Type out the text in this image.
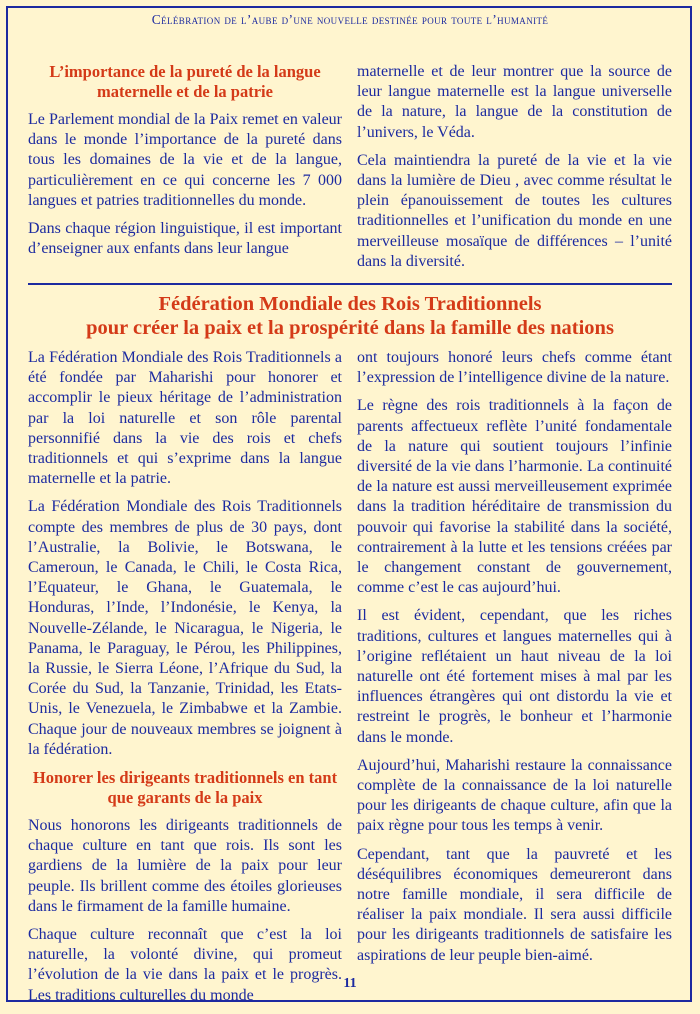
Célébration de l’aube d’une nouvelle destinée pour toute l’humanité
L’importance de la pureté de la langue maternelle et de la patrie

Le Parlement mondial de la Paix remet en valeur dans le monde l’importance de la pureté dans tous les domaines de la vie et de la langue, particulièrement en ce qui concerne les 7 000 langues et patries traditionnelles du monde.

Dans chaque région linguistique, il est important d’enseigner aux enfants dans leur langue

maternelle et de leur montrer que la source de leur langue maternelle est la langue universelle de la nature, la langue de la constitution de l’univers, le Véda.

Cela maintiendra la pureté de la vie et la vie dans la lumière de Dieu , avec comme résultat le plein épanouissement de toutes les cultures traditionnelles et l’unification du monde en une merveilleuse mosaïque de différences – l’unité dans la diversité.

Fédération Mondiale des Rois Traditionnels
pour créer la paix et la prospérité dans la famille des nations

La Fédération Mondiale des Rois Traditionnels a été fondée par Maharishi pour honorer et accomplir le pieux héritage de l’administration par la loi naturelle et son rôle parental personnifié dans la vie des rois et chefs traditionnels et qui s’exprime dans la langue maternelle et la patrie.

La Fédération Mondiale des Rois Traditionnels compte des membres de plus de 30 pays, dont l’Australie, la Bolivie, le Botswana, le Cameroun, le Canada, le Chili, le Costa Rica, l’Equateur, le Ghana, le Guatemala, le Honduras, l’Inde, l’Indonésie, le Kenya, la Nouvelle-Zélande, le Nicaragua, le Nigeria, le Panama, le Paraguay, le Pérou, les Philippines, la Russie, le Sierra Léone, l’Afrique du Sud, la Corée du Sud, la Tanzanie, Trinidad, les Etats-Unis, le Venezuela, le Zimbabwe et la Zambie. Chaque jour de nouveaux membres se joignent à la fédération.

Honorer les dirigeants traditionnels en tant que garants de la paix

Nous honorons les dirigeants traditionnels de chaque culture en tant que rois. Ils sont les gardiens de la lumière de la paix pour leur peuple. Ils brillent comme des étoiles glorieuses dans le firmament de la famille humaine.

Chaque culture reconnaît que c’est la loi naturelle, la volonté divine, qui promeut l’évolution de la vie dans la paix et le progrès. Les traditions culturelles du monde

ont toujours honoré leurs chefs comme étant l’expression de l’intelligence divine de la nature.

Le règne des rois traditionnels à la façon de parents affectueux reflète l’unité fondamentale de la nature qui soutient toujours l’infinie diversité de la vie dans l’harmonie. La continuité de la nature est aussi merveilleusement exprimée dans la tradition héréditaire de transmission du pouvoir qui favorise la stabilité dans la société, contrairement à la lutte et les tensions créées par le changement constant de gouvernement, comme c’est le cas aujourd’hui.

Il est évident, cependant, que les riches traditions, cultures et langues maternelles qui à l’origine reflétaient un haut niveau de la loi naturelle ont été fortement mises à mal par les influences étrangères qui ont distordu la vie et restreint le progrès, le bonheur et l’harmonie dans le monde.

Aujourd’hui, Maharishi restaure la connaissance complète de la connaissance de la loi naturelle pour les dirigeants de chaque culture, afin que la paix règne pour tous les temps à venir.

Cependant, tant que la pauvreté et les déséquilibres économiques demeureront dans notre famille mondiale, il sera difficile de réaliser la paix mondiale. Il sera aussi difficile pour les dirigeants traditionnels de satisfaire les aspirations de leur peuple bien-aimé.

11
